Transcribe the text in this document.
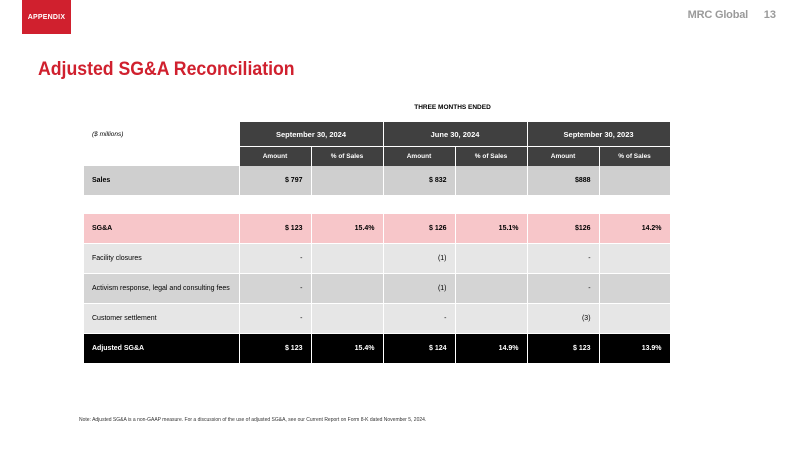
APPENDIX	MRC Global 13
Adjusted SG&A Reconciliation
THREE MONTHS ENDED
($ millions)	September 30, 2024		June 30, 2024		September 30, 2023	
	Amount	% of Sales	Amount	% of Sales	Amount	% of Sales
Sales	$ 797		$ 832		$888	

SG&A	$ 123	15.4%	$ 126	15.1%	$126	14.2%
Facility closures	-		(1)		-	
Activism response, legal and consulting fees	-		(1)		-	
Customer settlement	-		-		(3)	
Adjusted SG&A	$ 123	15.4%	$ 124	14.9%	$ 123	13.9%
Note: Adjusted SG&A is a non-GAAP measure. For a discussion of the use of adjusted SG&A, see our Current Report on Form 8-K dated November 5, 2024.
